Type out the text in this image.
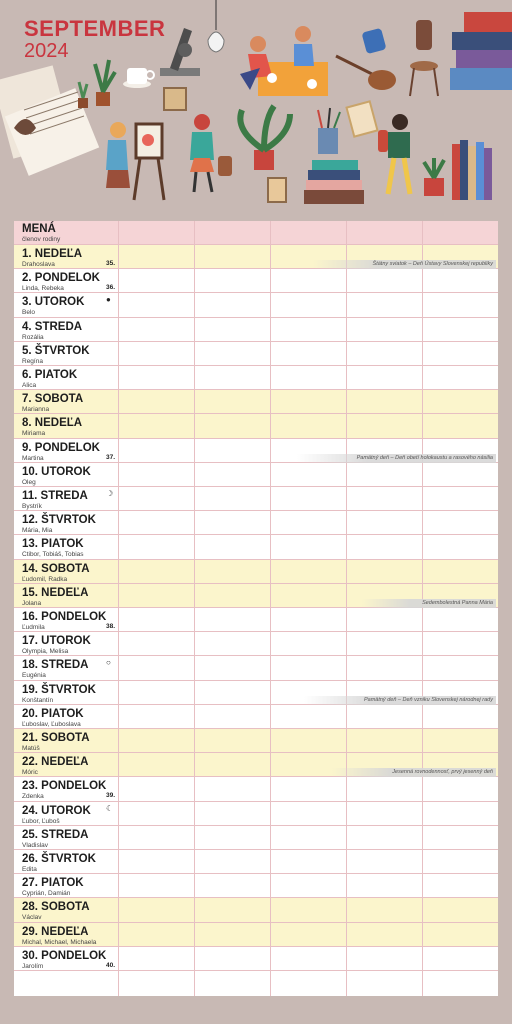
SEPTEMBER
2024
MENÁ
členov rodiny
1. NEDEĽA
Drahoslava	35.	Štátny sviatok – Deň Ústavy Slovenskej republiky
2. PONDELOK
Linda, Rebeka	36.
3. UTOROK
Belo
●
4. STREDA
Rozália
5. ŠTVRTOK
Regína
6. PIATOK
Alica
7. SOBOTA
Marianna
8. NEDEĽA
Miriama
9. PONDELOK
Martina	37.	Pamätný deň – Deň obetí holokaustu a rasového násilia
10. UTOROK
Oleg
11. STREDA
Bystrík
☽
12. ŠTVRTOK
Mária, Mia
13. PIATOK
Ctibor, Tobiáš, Tobias
14. SOBOTA
Ľudomil, Radka
15. NEDEĽA
Jolana	Sedembolestná Panna Mária
16. PONDELOK
Ľudmila	38.
17. UTOROK
Olympia, Melisa
18. STREDA
Eugénia
○
19. ŠTVRTOK
Konštantín	Pamätný deň – Deň vzniku Slovenskej národnej rady
20. PIATOK
Ľuboslav, Ľuboslava
21. SOBOTA
Matúš
22. NEDEĽA
Móric	Jesenná rovnodennosť, prvý jesenný deň
23. PONDELOK
Zdenka	39.
24. UTOROK
Ľubor, Ľuboš
☾
25. STREDA
Vladislav
26. ŠTVRTOK
Edita
27. PIATOK
Cyprián, Damián
28. SOBOTA
Václav
29. NEDEĽA
Michal, Michael, Michaela
30. PONDELOK
Jarolím	40.
